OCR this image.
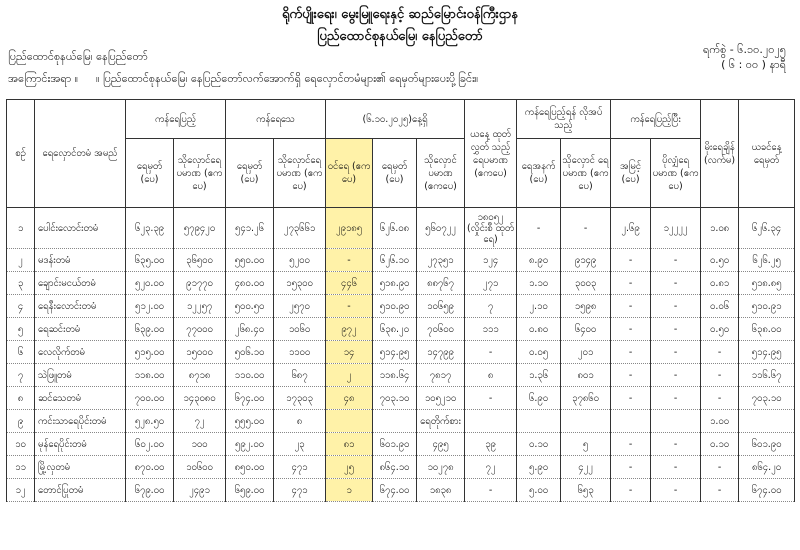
ရိုက်ပျိုးရေး၊ မွေးမြူရေးနှင့် ဆည်မြောင်းဝန်ကြီးဌာန
ပြည်ထောင်စုနယ်မြေ၊ နေပြည်တော်
ပြည်ထောင်စုနယ်မြေ၊ နေပြည်တော်
ရက်စွဲ - ၆.၁၀.၂၀၂၅
( ၆ : ၀၀ ) နာရီ
အကြောင်းအရာ ။ ။ ပြည်ထောင်စုနယ်မြေ၊ နေပြည်တော်လက်အောက်ရှိ ရေလှောင်တမံများ၏ ရေမှတ်များပေးပို့ခြင်း။
စဉ်	ရေလှောင်တမံ အမည်	ကန်ရေပြည့်		ကန်ရေသေ		(၆.၁၀.၂၀၂၅)နေ့ရှိ			ယနေ့ ထုတ်လွှတ် သည့် ရေပမာဏ (ဧကပေ)	ကန်ရေပြည့်ရန် လိုအပ်သည့်		ကန်ရေပြည့်ပြီး		မိုးရေချိန် (လက်မ)	ယခင်နေ့ ရေမှတ်
		ရေမှတ် (ပေ)	သိုလှောင်ရေ ပမာဏ (ဧကပေ)	ရေမှတ် (ပေ)	သိုလှောင်ရေ ပမာဏ (ဧကပေ)	ဝင်ရေ (ဧကပေ)	ရေမှတ် (ပေ)	သိုလှောင် ပမာဏ (ဧကပေ)		ရေအနက် (ပေ)	သိုလှောင် ရေ ပမာဏ (ဧကပေ)	အမြင့် (ပေ)	ပိုလျှံရေ ပမာဏ (ဧကပေ)		
၁	ပေါင်းလောင်းတမံ	၆၂၃.၃၉	၅၇၉၄၂၀	၅၄၁.၂၆	၂၇၃၆၆၁	၂၉၁၈၅	၆၂၆.၀၈	၅၆၀၇၂၂	၁၈၀၅၂ (လှိုင်းစီ ထုတ်ရေ)	-	-	၂.၆၉	၁၂၂၂၂	၁.၀၈	၆၂၆.၃၄
၂	မဒန်းတမံ	၆၃၅.၀၀	၃၆၅၀၀	၅၅၀.၀၀	၅၂၀၀	-	၆၂၆.၁၀	၂၇၃၅၁	၁၂၄	၈.၉၀	၉၁၄၉	-	-	၀.၅၀	၆၂၆.၂၅
၃	ချောင်းမငယ်တမံ	၅၂၀.၀၀	၉၁၇၇၀	၄၈၀.၀၀	၁၅၃၀၀	၄၄၆	၅၁၈.၉၀	၈၈၇၆၇	၂၇၁	၁.၁၀	၃၀၀၃	-	-	၀.၈၁	၅၁၈.၈၅
၄	ရေနီးလောင်းတမံ	၅၁၂.၀၀	၁၂၂၅၇	၅၀၀.၅၀	၂၅၇၀	-	၅၁၀.၉၀	၁၀၆၅၉	၇	၂.၁၀	၁၅၉၈	-	-	၀.၀၆	၅၁၀.၉၁
၅	ရေဆင်းတမံ	၆၃၉.၀၀	၇၇၀၀၀	၂၆၈.၄၀	၁၀၆၀	၉၇၂	၆၃၈.၂၀	၇၀၆၀၀	၁၁၁	၀.၈၀	၆၄၀၀	-	-	၀.၅၀	၆၃၈.၀၀
၆	လေလိုက်တမံ	၅၁၅.၀၀	၁၅၀၀၀	၅၀၆.၁၀	၁၁၀၀	၁၄	၅၁၄.၉၅	၁၄၇၉၉	-	၀.၀၅	၂၀၁	-	-	-	၅၁၄.၉၅
၇	သဲဖြူတမံ	၁၁၈.၀၀	၈၇၁၈	၁၁၀.၀၀	၆၈၇	၂	၁၁၈.၆၄	၇၈၁၇	၈	၁.၃၆	၈၀၁	-	-	-	၁၁၆.၆၇
၈	ဆင်သေတမံ	၇၀၀.၀၀	၁၄၃၀၈၀	၆၇၄.၀၀	၁၇၃၀၃	၄၈	၇၀၃.၁၀	၁၀၅၂၁၀	-	၆.၉၀	၃၇၈၆၀	-	-	-	၇၀၃.၁၀
၉	ကင်းသာရေပိုင်းတမံ	၅၂၈.၅၀	၇၂	၅၅၅.၀၀	၈			ရေတိုက်စား						၁.၀၀	
၁၀	မုန်ရေပိုင်းတမံ	၆၀၂.၀၀	၁၀၀	၅၉၂.၀၀	၂၃	၈၁	၆၀၁.၉၀	၄၉၅	၃၉	၀.၁၀	၅	-	-	၀.၁၀	၆၀၁.၉၀
၁၁	မြို့လှတမံ	၈၇၀.၀၀	၁၀၆၀၀	၈၅၀.၀၀	၄၇၁	၂၅	၈၆၄.၁၀	၁၀၂၇၈	၇၂	၅.၉၀	၄၂၂	-	-	-	၈၆၄.၂၀
၁၂	တောင်ပြုတမံ	၆၇၉.၀၀	၂၄၉၁	၆၅၉.၀၀	၄၇၁	၁	၆၇၄.၀၀	၁၈၃၈	-	၅.၀၀	၆၅၃	-	-	-	၆၇၄.၀၀
